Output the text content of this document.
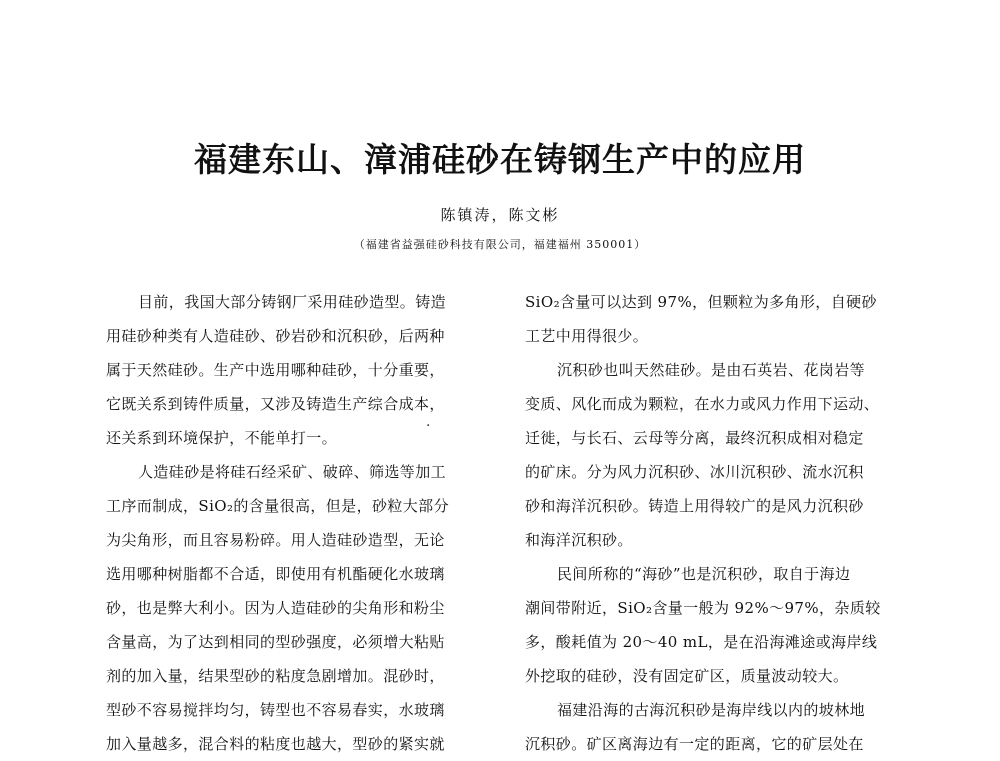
福建东山、漳浦硅砂在铸钢生产中的应用
陈镇涛，陈文彬
（福建省益强硅砂科技有限公司，福建福州 350001）
目前，我国大部分铸钢厂采用硅砂造型。铸造
用硅砂种类有人造硅砂、砂岩砂和沉积砂，后两种
属于天然硅砂。生产中选用哪种硅砂，十分重要，
它既关系到铸件质量，又涉及铸造生产综合成本，
还关系到环境保护，不能单打一。
人造硅砂是将硅石经采矿、破碎、筛选等加工
工序而制成，SiO₂的含量很高，但是，砂粒大部分
为尖角形，而且容易粉碎。用人造硅砂造型，无论
选用哪种树脂都不合适，即使用有机酯硬化水玻璃
砂，也是弊大利小。因为人造硅砂的尖角形和粉尘
含量高，为了达到相同的型砂强度，必须增大粘贴
剂的加入量，结果型砂的粘度急剧增加。混砂时，
型砂不容易搅拌均匀，铸型也不容易春实，水玻璃
加入量越多，混合料的粘度也越大，型砂的紧实就
·
SiO₂含量可以达到 97%，但颗粒为多角形，自硬砂
工艺中用得很少。
沉积砂也叫天然硅砂。是由石英岩、花岗岩等
变质、风化而成为颗粒，在水力或风力作用下运动、
迁徙，与长石、云母等分离，最终沉积成相对稳定
的矿床。分为风力沉积砂、冰川沉积砂、流水沉积
砂和海洋沉积砂。铸造上用得较广的是风力沉积砂
和海洋沉积砂。
民间所称的“海砂”也是沉积砂，取自于海边
潮间带附近，SiO₂含量一般为 92%～97%，杂质较
多，酸耗值为 20～40 mL，是在沿海滩途或海岸线
外挖取的硅砂，没有固定矿区，质量波动较大。
福建沿海的古海沉积砂是海岸线以内的坡林地
沉积砂。矿区离海边有一定的距离，它的矿层处在
